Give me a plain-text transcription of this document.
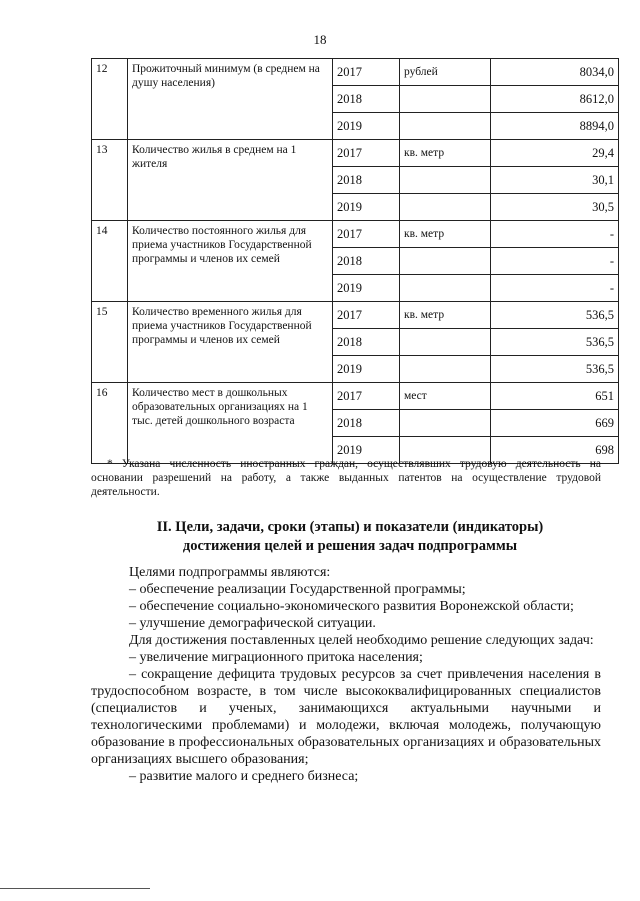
18
12	Прожиточный минимум (в среднем на душу населения)	2017	рублей	8034,0
		2018		8612,0
		2019		8894,0
13	Количество жилья в среднем на 1 жителя	2017	кв. метр	29,4
		2018		30,1
		2019		30,5
14	Количество постоянного жилья для приема участников Государственной программы и членов их семей	2017	кв. метр	-
		2018		-
		2019		-
15	Количество временного жилья для приема участников Государственной программы и членов их семей	2017	кв. метр	536,5
		2018		536,5
		2019		536,5
16	Количество мест в дошкольных образовательных организациях на 1 тыс. детей дошкольного возраста	2017	мест	651
		2018		669
		2019		698

* Указана численность иностранных граждан, осуществлявших трудовую деятельность на основании разрешений на работу, а также выданных патентов на осуществление трудовой деятельности.

II. Цели, задачи, сроки (этапы) и показатели (индикаторы)
достижения целей и решения задач подпрограммы

Целями подпрограммы являются:

– обеспечение реализации Государственной программы;

– обеспечение социально-экономического развития Воронежской области;

– улучшение демографической ситуации.

Для достижения поставленных целей необходимо решение следующих задач:

– увеличение миграционного притока населения;

– сокращение дефицита трудовых ресурсов за счет привлечения населения в трудоспособном возрасте, в том числе высококвалифицированных специалистов (специалистов и ученых, занимающихся актуальными научными и технологическими проблемами) и молодежи, включая молодежь, получающую образование в профессиональных образовательных организациях и образовательных организациях высшего образования;

– развитие малого и среднего бизнеса;
